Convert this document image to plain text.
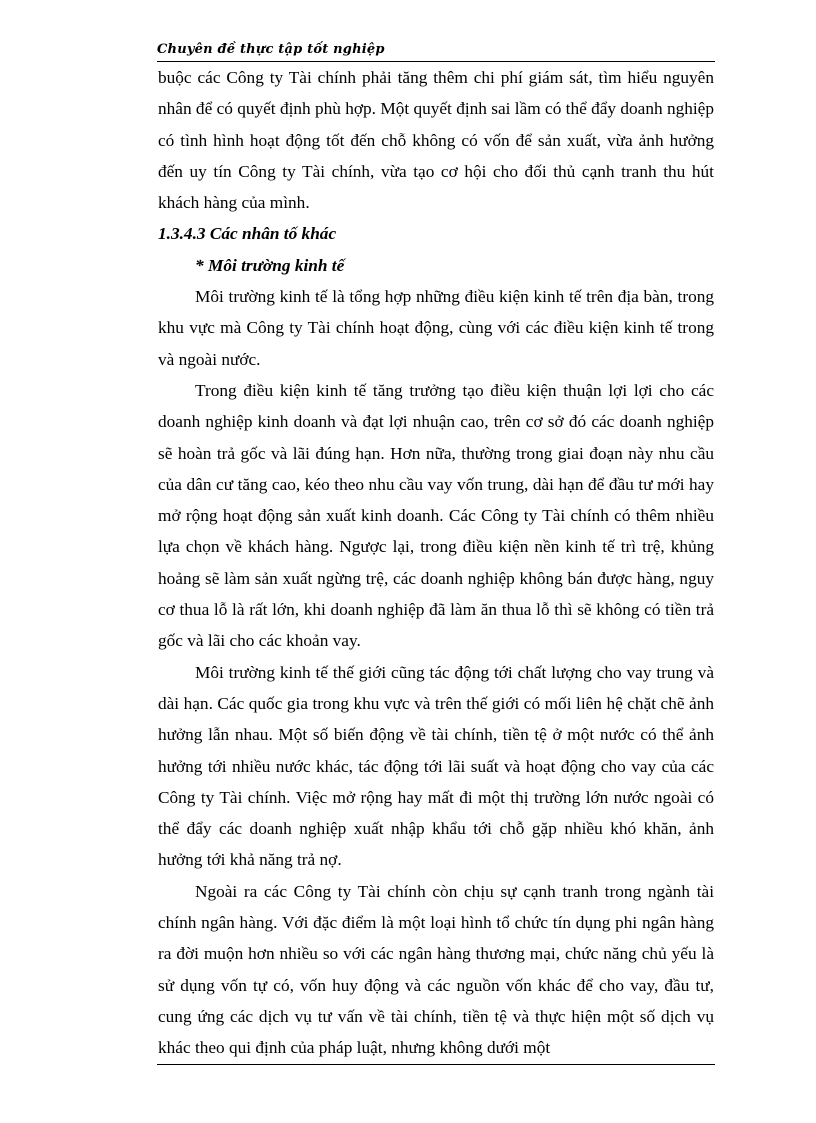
Chuyên đề thực tập tốt nghiệp

buộc các Công ty Tài chính phải tăng thêm chi phí giám sát, tìm hiểu nguyên nhân để có quyết định phù hợp. Một quyết định sai lầm có thể đẩy doanh nghiệp có tình hình hoạt động tốt đến chỗ không có vốn để sản xuất, vừa ảnh hưởng đến uy tín Công ty Tài chính, vừa tạo cơ hội cho đối thủ cạnh tranh thu hút khách hàng của mình.

1.3.4.3 Các nhân tố khác

* Môi trường kinh tế

Môi trường kinh tế là tổng hợp những điều kiện kinh tế trên địa bàn, trong khu vực mà Công ty Tài chính hoạt động, cùng với các điều kiện kinh tế trong và ngoài nước.

Trong điều kiện kinh tế tăng trưởng tạo điều kiện thuận lợi lợi cho các doanh nghiệp kinh doanh và đạt lợi nhuận cao, trên cơ sở đó các doanh nghiệp sẽ hoàn trả gốc và lãi đúng hạn. Hơn nữa, thường trong giai đoạn này nhu cầu của dân cư tăng cao, kéo theo nhu cầu vay vốn trung, dài hạn để đầu tư mới hay mở rộng hoạt động sản xuất kinh doanh. Các Công ty Tài chính có thêm nhiều lựa chọn về khách hàng. Ngược lại, trong điều kiện nền kinh tế trì trệ, khủng hoảng sẽ làm sản xuất ngừng trệ, các doanh nghiệp không bán được hàng, nguy cơ thua lỗ là rất lớn, khi doanh nghiệp đã làm ăn thua lỗ thì sẽ không có tiền trả gốc và lãi cho các khoản vay.

Môi trường kinh tế thế giới cũng tác động tới chất lượng cho vay trung và dài hạn. Các quốc gia trong khu vực và trên thế giới có mối liên hệ chặt chẽ ảnh hưởng lẫn nhau. Một số biến động về tài chính, tiền tệ ở một nước có thể ảnh hưởng tới nhiều nước khác, tác động tới lãi suất và hoạt động cho vay của các Công ty Tài chính. Việc mở rộng hay mất đi một thị trường lớn nước ngoài có thể đẩy các doanh nghiệp xuất nhập khẩu tới chỗ gặp nhiều khó khăn, ảnh hưởng tới khả năng trả nợ.

Ngoài ra các Công ty Tài chính còn chịu sự cạnh tranh trong ngành tài chính ngân hàng. Với đặc điểm là một loại hình tổ chức tín dụng phi ngân hàng ra đời muộn hơn nhiều so với các ngân hàng thương mại, chức năng chủ yếu là sử dụng vốn tự có, vốn huy động và các nguồn vốn khác để cho vay, đầu tư, cung ứng các dịch vụ tư vấn về tài chính, tiền tệ và thực hiện một số dịch vụ khác theo qui định của pháp luật, nhưng không dưới một
